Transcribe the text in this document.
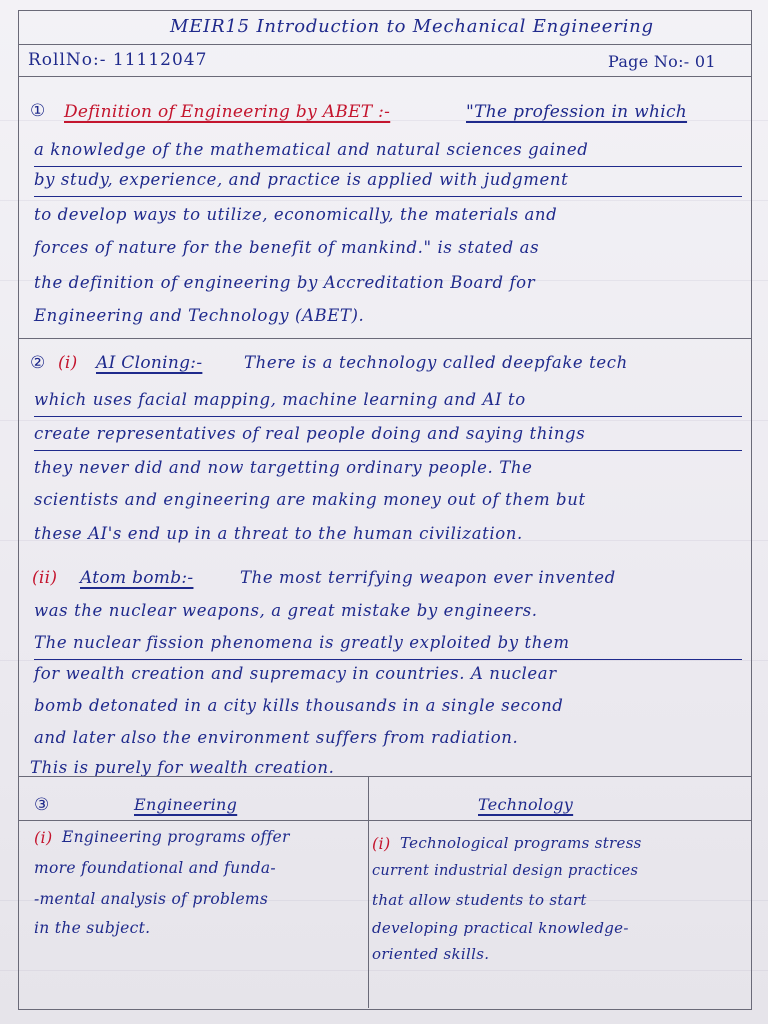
MEIR15 Introduction to Mechanical Engineering
RollNo:- 11112047	Page No:- 01
① Definition of Engineering by ABET :-	"The profession in which
a knowledge of the mathematical and natural sciences gained
by study, experience, and practice is applied with judgment
to develop ways to utilize, economically, the materials and
forces of nature for the benefit of mankind." is stated as
the definition of engineering by Accreditation Board for
Engineering and Technology (ABET).
② (i) AI Cloning:-	There is a technology called deepfake tech
which uses facial mapping, machine learning and AI to
create representatives of real people doing and saying things
they never did and now targetting ordinary people. The
scientists and engineering are making money out of them but
these AI's end up in a threat to the human civilization.
(ii) Atom bomb:-	The most terrifying weapon ever invented
was the nuclear weapons, a great mistake by engineers.
The nuclear fission phenomena is greatly exploited by them
for wealth creation and supremacy in countries. A nuclear
bomb detonated in a city kills thousands in a single second
and later also the environment suffers from radiation.
This is purely for wealth creation.
③	Engineering	Technology
(i) Engineering programs offer
more foundational and funda-
-mental analysis of problems
in the subject.
(i) Technological programs stress
current industrial design practices
that allow students to start
developing practical knowledge-
oriented skills.
